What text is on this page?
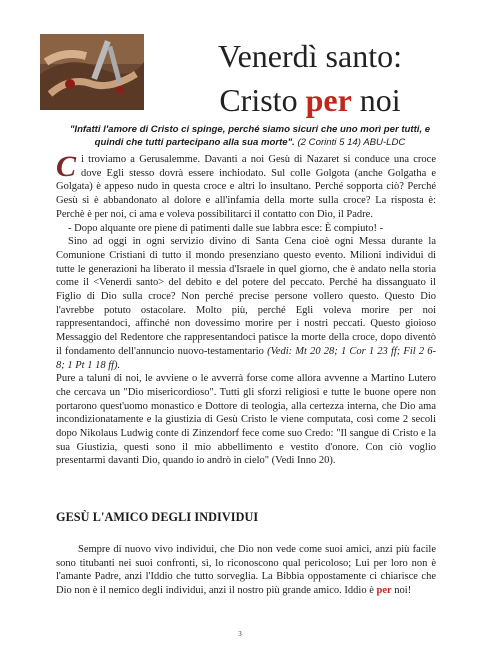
Venerdì santo:
Cristo per noi
"Infatti l'amore di Cristo ci spinge, perché siamo sicuri che uno morì per tutti, e quindi che tutti partecipano alla sua morte". (2 Corinti 5 14) ABU-LDC

Ci troviamo a Gerusalemme. Davanti a noi Gesù di Nazaret si conduce una croce dove Egli stesso dovrà essere inchiodato. Sul colle Golgota (anche Golgatha e Golgata) è appeso nudo in questa croce e altri lo insultano. Perché sopporta ciò? Perché Gesù si è abbandonato al dolore e all'infamia della morte sulla croce? La risposta è: Perchè è per noi, ci ama e voleva possibilitarci il contatto con Dio, il Padre.

- Dopo alquante ore piene di patimenti dalle sue labbra esce: È compiuto! -

Sino ad oggi in ogni servizio divino di Santa Cena cioè ogni Messa durante la Comunione Cristiani di tutto il mondo presenziano questo evento. Milioni individui di tutte le generazioni ha liberato il messia d'Israele in quel giorno, che è andato nella storia come il <Venerdì santo> del debito e del potere del peccato. Perché ha dissanguato il Figlio di Dio sulla croce? Non perché precise persone vollero questo. Questo Dio l'avrebbe potuto ostacolare. Molto più, perché Egli voleva morire per noi rappresentandoci, affinché non dovessimo morire per i nostri peccati. Questo gioioso Messaggio del Redentore che rappresentandoci patisce la morte della croce, dopo diventò il fondamento dell'annuncio nuovo-testamentario (Vedi: Mt 20 28; 1 Cor 1 23 ff; Fil 2 6-8; 1 Pt 1 18 ff).

Pure a taluni di noi, le avviene o le avverrà forse come allora avvenne a Martino Lutero che cercava un "Dio misericordioso". Tutti gli sforzi religiosi e tutte le buone opere non portarono quest'uomo monastico e Dottore di teologia, alla certezza interna, che Dio ama incondizionatamente e la giustizia di Gesù Cristo le viene computata, così come 2 secoli dopo Nikolaus Ludwig conte di Zinzendorf fece come suo Credo: "Il sangue di Cristo e la sua Giustizia, questi sono il mio abbellimento e vestito d'onore. Con ciò voglio presentarmi davanti Dio, quando io andrò in cielo" (Vedi Inno 20).

GESÙ L'AMICO DEGLI INDIVIDUI

Sempre di nuovo vivo individui, che Dio non vede come suoi amici, anzi più facile sono titubanti nei suoi confronti, sì, lo riconoscono qual pericoloso; Lui per loro non è l'amante Padre, anzi l'Iddio che tutto sorveglia. La Bibbia oppostamente ci chiarisce che Dio non è il nemico degli individui, anzi il nostro più grande amico. Iddio è per noi!

3
